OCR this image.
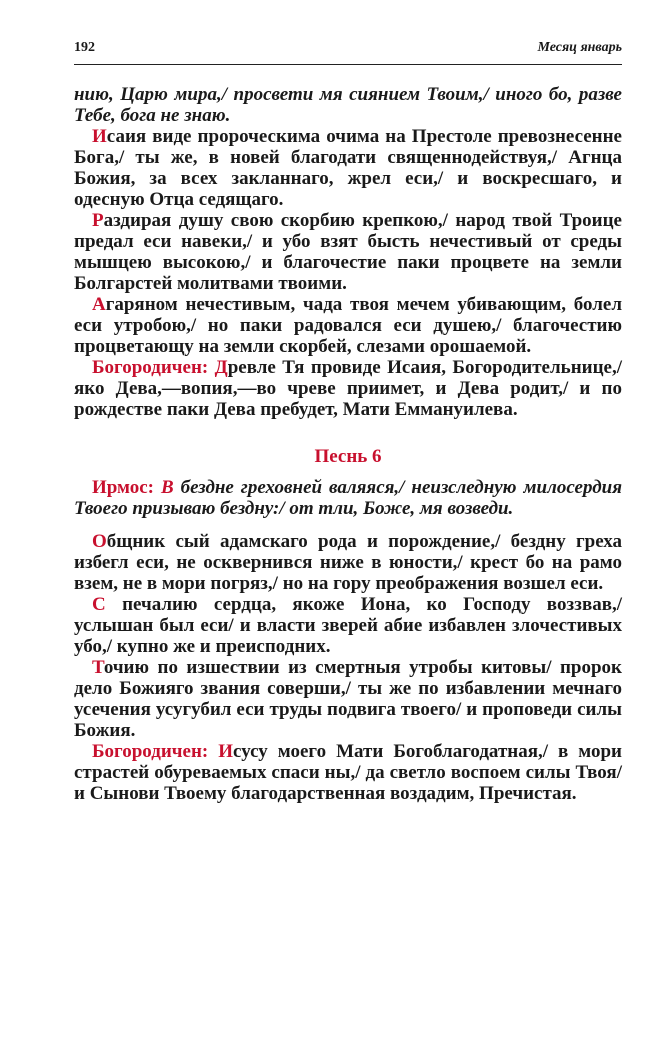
192	Месяц январь

нию, Царю мира,/ просвети мя сиянием Твоим,/ иного бо, разве Тебе, бога не знаю.

Исаия виде пророческима очима на Престоле превознесенне Бога,/ ты же, в новей благодати священнодействуя,/ Агнца Божия, за всех закланнаго, жрел еси,/ и воскресшаго, и одесную Отца седящаго.

Раздирая душу свою скорбию крепкою,/ народ твой Троице предал еси навеки,/ и убо взят бысть нечестивый от среды мышцею высокою,/ и благочестие паки процвете на земли Болгарстей молитвами твоими.

Агаряном нечестивым, чада твоя мечем убивающим, болел еси утробою,/ но паки радовался еси душею,/ благочестию процветающу на земли скорбей, слезами орошаемой.

Богородичен: Древле Тя провиде Исаия, Богородительнице,/ яко Дева,—вопия,—во чреве приимет, и Дева родит,/ и по рождестве паки Дева пребудет, Мати Еммануилева.

Песнь 6

Ирмос: В бездне греховней валяяся,/ неизследную милосердия Твоего призываю бездну:/ от тли, Боже, мя возведи.

Общник сый адамскаго рода и порождение,/ бездну греха избегл еси, не осквернився ниже в юности,/ крест бо на рамо взем, не в мори погряз,/ но на гору преображения возшел еси.

С печалию сердца, якоже Иона, ко Господу воззвав,/ услышан был еси/ и власти зверей абие избавлен злочестивых убо,/ купно же и преисподних.

Точию по изшествии из смертныя утробы китовы/ пророк дело Божияго звания соверши,/ ты же по избавлении мечнаго усечения усугубил еси труды подвига твоего/ и проповеди силы Божия.

Богородичен: Исусу моего Мати Богоблагодатная,/ в мори страстей обуреваемых спаси ны,/ да светло воспоем силы Твоя/ и Сынови Твоему благодарственная воздадим, Пречистая.
